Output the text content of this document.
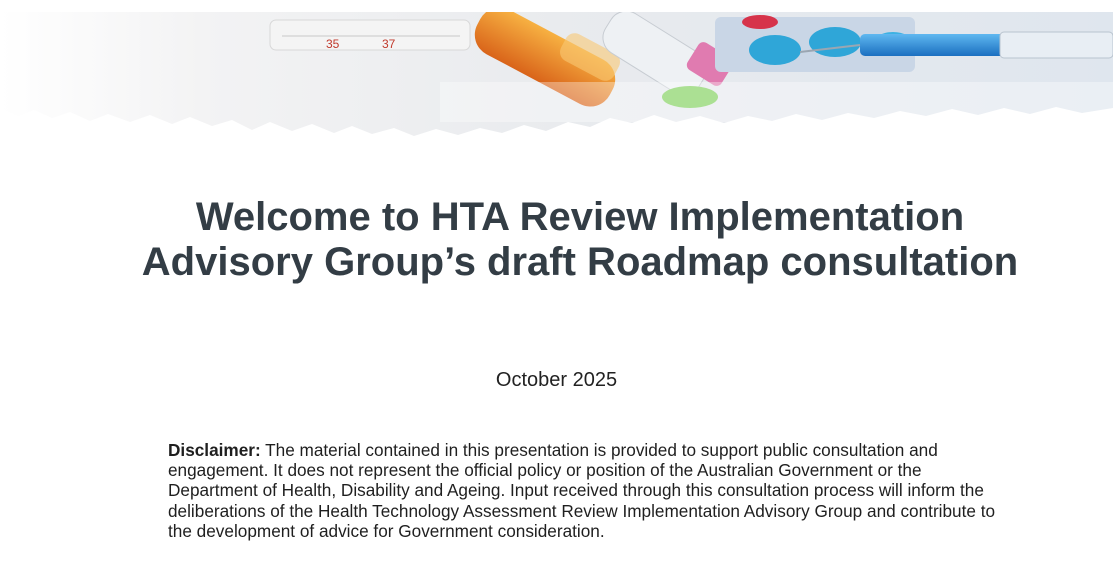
35	37
Welcome to HTA Review Implementation Advisory Group’s draft Roadmap consultation
October 2025
Disclaimer: The material contained in this presentation is provided to support public consultation and engagement. It does not represent the official policy or position of the Australian Government or the Department of Health, Disability and Ageing. Input received through this consultation process will inform the deliberations of the Health Technology Assessment Review Implementation Advisory Group and contribute to the development of advice for Government consideration.
